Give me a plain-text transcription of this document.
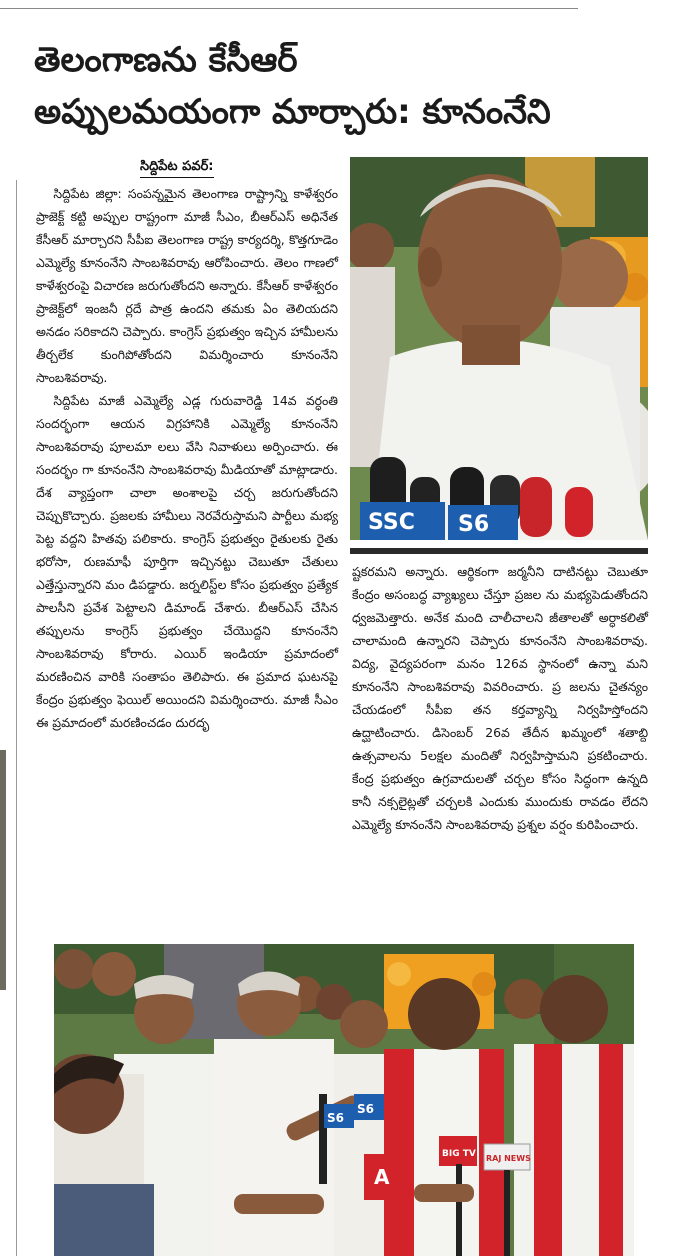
తెలంగాణను కేసీఆర్
అప్పులమయంగా మార్చారు: కూనంనేని
సిద్దిపేట పవర్:

సిద్దిపేట జిల్లా: సంపన్నమైన తెలంగాణ రాష్ట్రాన్ని కాళేశ్వరం ప్రాజెక్ట్ కట్టి అప్పుల రాష్ట్రంగా మాజీ సీఎం, బీఆర్ఎస్ అధినేత కేసీఆర్ మార్చారని సీపీఐ తెలంగాణ రాష్ట్ర కార్యదర్శి, కొత్తగూడెం ఎమ్మెల్యే కూనంనేని సాంబశివరావు ఆరోపించారు. తెలం గాణలో కాళేశ్వరంపై విచారణ జరుగుతోందని అన్నారు. కేసీఆర్ కాళేశ్వరం ప్రాజెక్ట్‌లో ఇంజనీ ర్లదే పాత్ర ఉందని తమకు ఏం తెలియదని అనడం సరికాదని చెప్పారు. కాంగ్రెస్ ప్రభుత్వం ఇచ్చిన హామీలను తీర్చలేక కుంగిపోతోందని విమర్శించారు కూనంనేని సాంబశివరావు.

సిద్దిపేట మాజీ ఎమ్మెల్యే ఎడ్ల గురువారెడ్డి 14వ వర్ధంతి సందర్భంగా ఆయన విగ్రహానికి ఎమ్మెల్యే కూనంనేని సాంబశివరావు పూలమా లలు వేసి నివాళులు అర్పించారు. ఈ సందర్భం గా కూనంనేని సాంబశివరావు మీడియాతో మాట్లాడారు. దేశ వ్యాప్తంగా చాలా అంశాలపై చర్చ జరుగుతోందని చెప్పుకొచ్చారు. ప్రజలకు హామీలు నెరవేరుస్తామని పార్టీలు మభ్య పెట్ట వద్దని హితవు పలికారు. కాంగ్రెస్ ప్రభుత్వం రైతులకు రైతు భరోసా, రుణమాఫీ పూర్తిగా ఇచ్చినట్టు చెబుతూ చేతులు ఎత్తేస్తున్నారని మం డిపడ్డారు. జర్నలిస్ట్‌ల కోసం ప్రభుత్వం ప్రత్యేక పాలసీని ప్రవేశ పెట్టాలని డిమాండ్ చేశారు. బీఆర్ఎస్ చేసిన తప్పులను కాంగ్రెస్ ప్రభుత్వం చేయొద్దని కూనంనేని సాంబశివరావు కోరారు. ఎయిర్ ఇండియా ప్రమాదంలో మరణించిన వారికి సంతాపం తెలిపారు. ఈ ప్రమాద ఘటనపై కేంద్రం ప్రభుత్వం ఫెయిల్ అయిందని విమర్శించారు. మాజీ సీఎం ఈ ప్రమాదంలో మరణించడం దురదృ

SSC S6

ష్టకరమని అన్నారు. ఆర్థికంగా జర్మనీని దాటినట్టు చెబుతూ కేంద్రం అసంబద్ధ వ్యాఖ్యలు చేస్తూ ప్రజల ను మభ్యపెడుతోందని ధ్వజమెత్తారు. అనేక మంది చాలీచాలని జీతాలతో అర్ధాకలితో చాలామంది ఉన్నారని చెప్పారు కూనంనేని సాంబశివరావు. విద్య, వైద్యపరంగా మనం 126వ స్థానంలో ఉన్నా మని కూనంనేని సాంబశివరావు వివరించారు. ప్ర జలను చైతన్యం చేయడంలో సీపీఐ తన కర్తవ్యాన్ని నిర్వహిస్తోందని ఉద్ఘాటించారు. డిసెంబర్ 26వ తేదీన ఖమ్మంలో శతాబ్ది ఉత్సవాలను 5లక్షల మందితో నిర్వహిస్తామని ప్రకటించారు. కేంద్ర ప్రభుత్వం ఉగ్రవాదులతో చర్చల కోసం సిద్ధంగా ఉన్నది కానీ నక్సలైట్లతో చర్చలకి ఎందుకు ముందుకు రావడం లేదని ఎమ్మెల్యే కూనంనేని సాంబశివరావు ప్రశ్నల వర్షం కురిపించారు.

S6
S6
A
BIG TV RAJ NEWS
